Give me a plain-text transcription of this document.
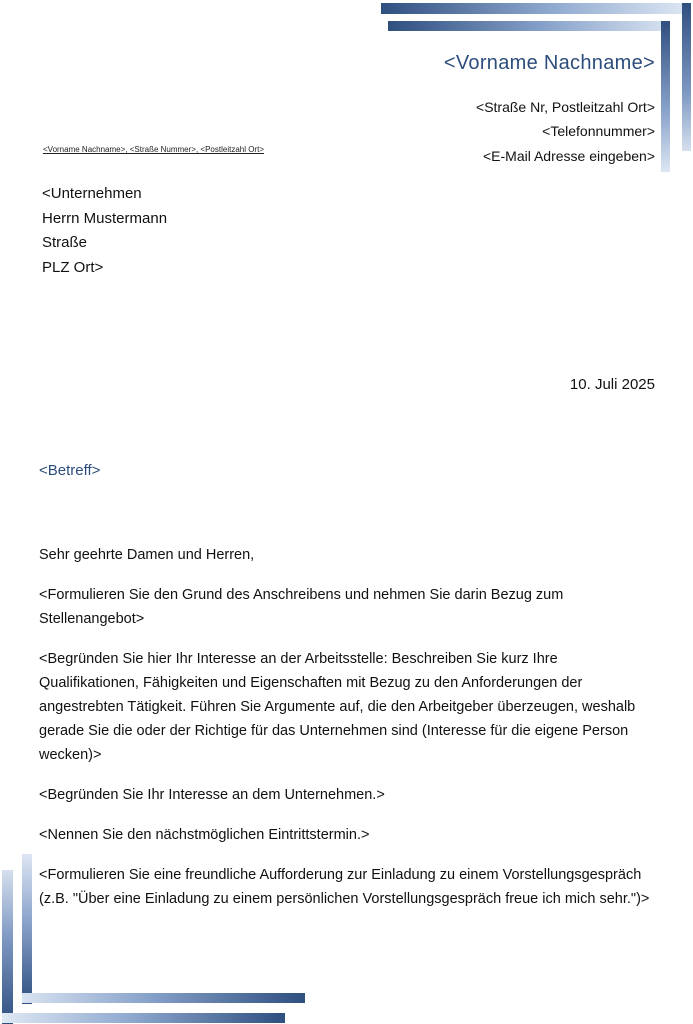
<Vorname Nachname>
<Straße Nr, Postleitzahl Ort>
<Telefonnummer>
<E-Mail Adresse eingeben>
<Vorname Nachname>, <Straße Nummer>, <Postleitzahl Ort>
<Unternehmen
Herrn Mustermann
Straße
PLZ Ort>
10. Juli 2025
<Betreff>

Sehr geehrte Damen und Herren,

<Formulieren Sie den Grund des Anschreibens und nehmen Sie darin Bezug zum Stellenangebot>

<Begründen Sie hier Ihr Interesse an der Arbeitsstelle: Beschreiben Sie kurz Ihre Qualifikationen, Fähigkeiten und Eigenschaften mit Bezug zu den Anforderungen der angestrebten Tätigkeit. Führen Sie Argumente auf, die den Arbeitgeber überzeugen, weshalb gerade Sie die oder der Richtige für das Unternehmen sind (Interesse für die eigene Person wecken)>

<Begründen Sie Ihr Interesse an dem Unternehmen.>

<Nennen Sie den nächstmöglichen Eintrittstermin.>

<Formulieren Sie eine freundliche Aufforderung zur Einladung zu einem Vorstellungsgespräch (z.B. "Über eine Einladung zu einem persönlichen Vorstellungsgespräch freue ich mich sehr.")>
